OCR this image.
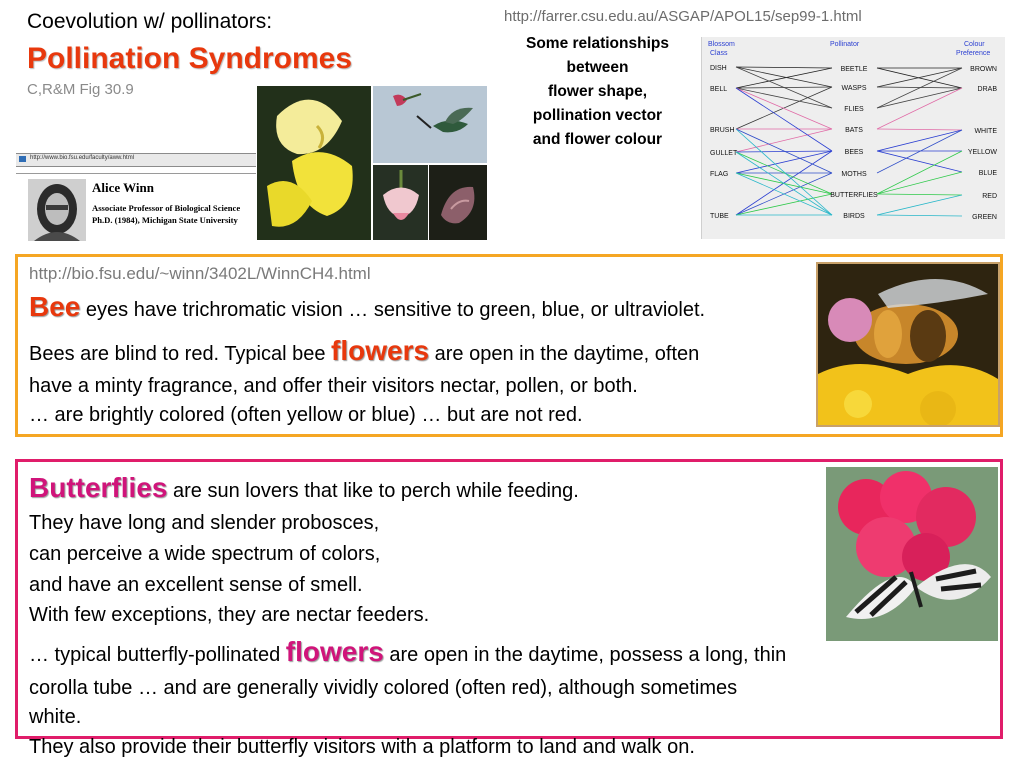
Coevolution w/ pollinators:
Pollination Syndromes
C,R&M Fig 30.9
http://www.bio.fsu.edu/faculty/aww.html
Alice Winn
Associate Professor of Biological Science
Ph.D. (1984), Michigan State University
http://farrer.csu.edu.au/ASGAP/APOL15/sep99-1.html
Some relationships
between
flower shape,
pollination vector
and flower colour
Blossom
Class
Pollinator	Colour
Preference
DISH
BELL
BRUSH
GULLET
FLAG
TUBE
BEETLE
WASPS
FLIES
BATS
BEES
MOTHS
BUTTERFLIES
BIRDS
BROWN
DRAB
WHITE
YELLOW
BLUE
RED
GREEN
http://bio.fsu.edu/~winn/3402L/WinnCH4.html
Bee eyes have trichromatic vision … sensitive to green, blue, or ultraviolet.
Bees are blind to red. Typical bee flowers are open in the daytime, often
have a minty fragrance, and offer their visitors nectar, pollen, or both.
… are brightly colored (often yellow or blue) … but are not red.
Butterflies are sun lovers that like to perch while feeding.
They have long and slender probosces,
can perceive a wide spectrum of colors,
and have an excellent sense of smell.
With few exceptions, they are nectar feeders.
… typical butterfly-pollinated flowers are open in the daytime, possess a long, thin
corolla tube … and are generally vividly colored (often red), although sometimes
white.
They also provide their butterfly visitors with a platform to land and walk on.
